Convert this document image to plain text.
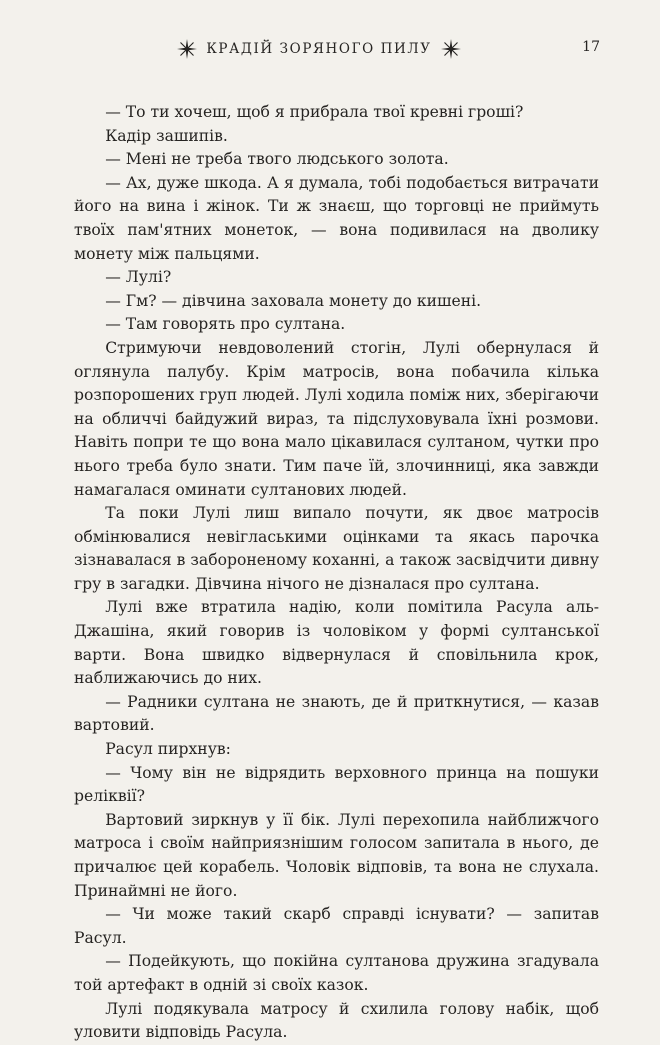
КРАДІЙ ЗОРЯНОГО ПИЛУ	17

— То ти хочеш, щоб я прибрала твої кревні гроші?

Кадір зашипів.

— Мені не треба твого людського золота.

— Ах, дуже шкода. А я думала, тобі подобається витрачати його на вина і жінок. Ти ж знаєш, що торговці не приймуть твоїх пам'ятних монеток, — вона подивилася на дволику монету між пальцями.

— Лулі?

— Гм? — дівчина заховала монету до кишені.

— Там говорять про султана.

Стримуючи невдоволений стогін, Лулі обернулася й оглянула палубу. Крім матросів, вона побачила кілька розпорошених груп людей. Лулі ходила поміж них, зберігаючи на обличчі байдужий вираз, та підслуховувала їхні розмови. Навіть попри те що вона мало цікавилася султаном, чутки про нього треба було знати. Тим паче їй, злочинниці, яка завжди намагалася оминати султанових людей.

Та поки Лулі лиш випало почути, як двоє матросів обмінювалися невігласькими оцінками та якась парочка зізнавалася в забороненому коханні, а також засвідчити дивну гру в загадки. Дівчина нічого не дізналася про султана.

Лулі вже втратила надію, коли помітила Расула аль-Джашіна, який говорив із чоловіком у формі султанської варти. Вона швидко відвернулася й сповільнила крок, наближаючись до них.

— Радники султана не знають, де й приткнутися, — казав вартовий.

Расул пирхнув:

— Чому він не відрядить верховного принца на пошуки реліквії?

Вартовий зиркнув у її бік. Лулі перехопила найближчого матроса і своїм найприязнішим голосом запитала в нього, де причалює цей корабель. Чоловік відповів, та вона не слухала. Принаймні не його.

— Чи може такий скарб справді існувати? — запитав Расул.

— Подейкують, що покійна султанова дружина згадувала той артефакт в одній зі своїх казок.

Лулі подякувала матросу й схилила голову набік, щоб уловити відповідь Расула.
